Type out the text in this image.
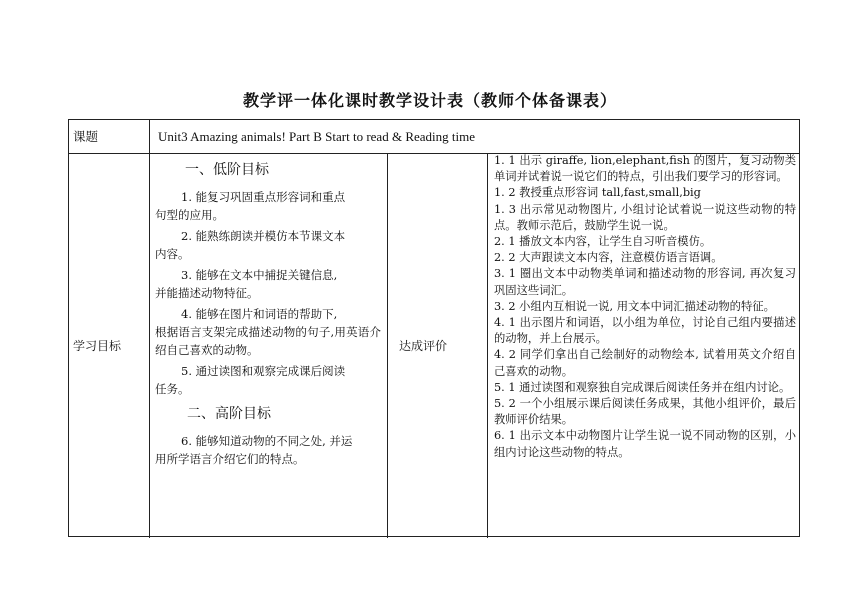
教学评一体化课时教学设计表（教师个体备课表）
课题	Unit3 Amazing animals! Part B Start to read & Reading time
学习目标	达成评价
一、低阶目标

1. 能复习巩固重点形容词和重点

句型的应用。

2. 能熟练朗读并模仿本节课文本

内容。

3. 能够在文本中捕捉关键信息,

并能描述动物特征。

4. 能够在图片和词语的帮助下,

根据语言支架完成描述动物的句子,用英语介绍自己喜欢的动物。

5. 通过读图和观察完成课后阅读

任务。

二、高阶目标

6. 能够知道动物的不同之处, 并运

用所学语言介绍它们的特点。

1. 1 出示 giraffe, lion,elephant,fish 的图片，复习动物类单词并试着说一说它们的特点，引出我们要学习的形容词。

1. 2 教授重点形容词 tall,fast,small,big

1. 3 出示常见动物图片, 小组讨论试着说一说这些动物的特点。教师示范后，鼓励学生说一说。

2. 1 播放文本内容，让学生自习听音模仿。

2. 2 大声跟读文本内容，注意模仿语言语调。

3. 1 圈出文本中动物类单词和描述动物的形容词, 再次复习巩固这些词汇。

3. 2 小组内互相说一说, 用文本中词汇描述动物的特征。

4. 1 出示图片和词语，以小组为单位，讨论自己组内要描述的动物，并上台展示。

4. 2 同学们拿出自己绘制好的动物绘本, 试着用英文介绍自己喜欢的动物。

5. 1 通过读图和观察独自完成课后阅读任务并在组内讨论。

5. 2 一个小组展示课后阅读任务成果，其他小组评价，最后教师评价结果。

6. 1 出示文本中动物图片让学生说一说不同动物的区别，小组内讨论这些动物的特点。
